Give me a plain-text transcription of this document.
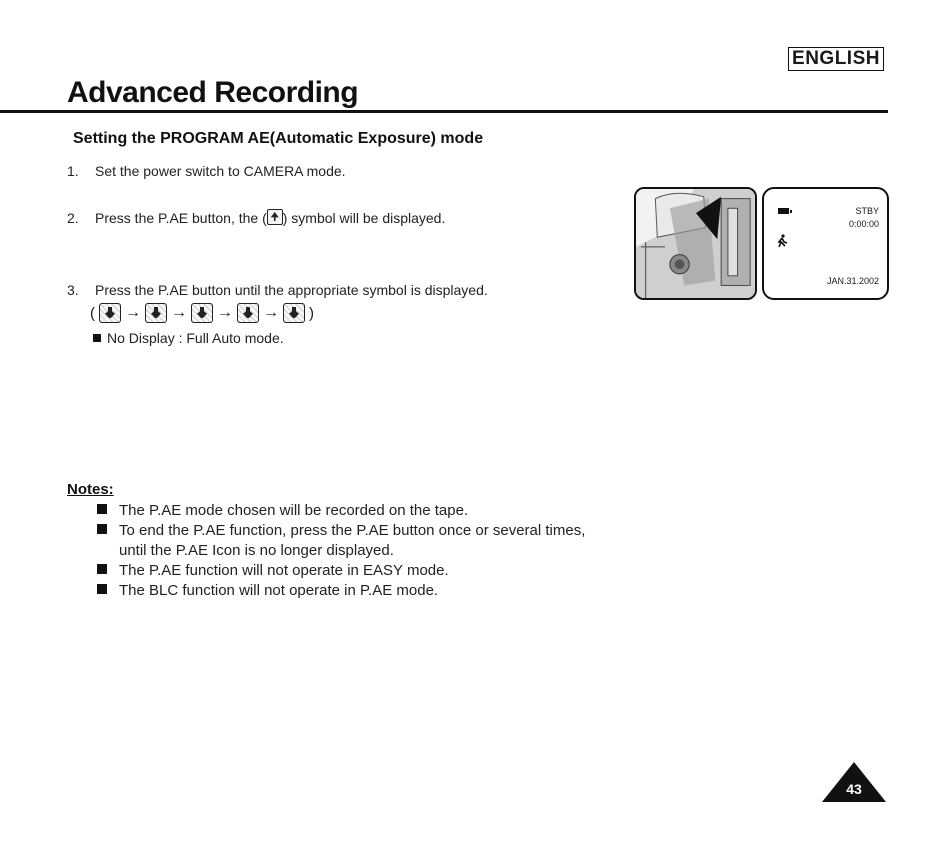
ENGLISH
Advanced Recording
Setting the PROGRAM AE(Automatic Exposure) mode
1. Set the power switch to CAMERA mode.
2. Press the P.AE button, the ( ) symbol will be displayed.
3. Press the P.AE button until the appropriate symbol is displayed.
( → → → → )
No Display : Full Auto mode.
STBY
0:00:00
JAN.31.2002
Notes:
The P.AE mode chosen will be recorded on the tape.
To end the P.AE function, press the P.AE button once or several times,
until the P.AE Icon is no longer displayed.
The P.AE function will not operate in EASY mode.
The BLC function will not operate in P.AE mode.
43
